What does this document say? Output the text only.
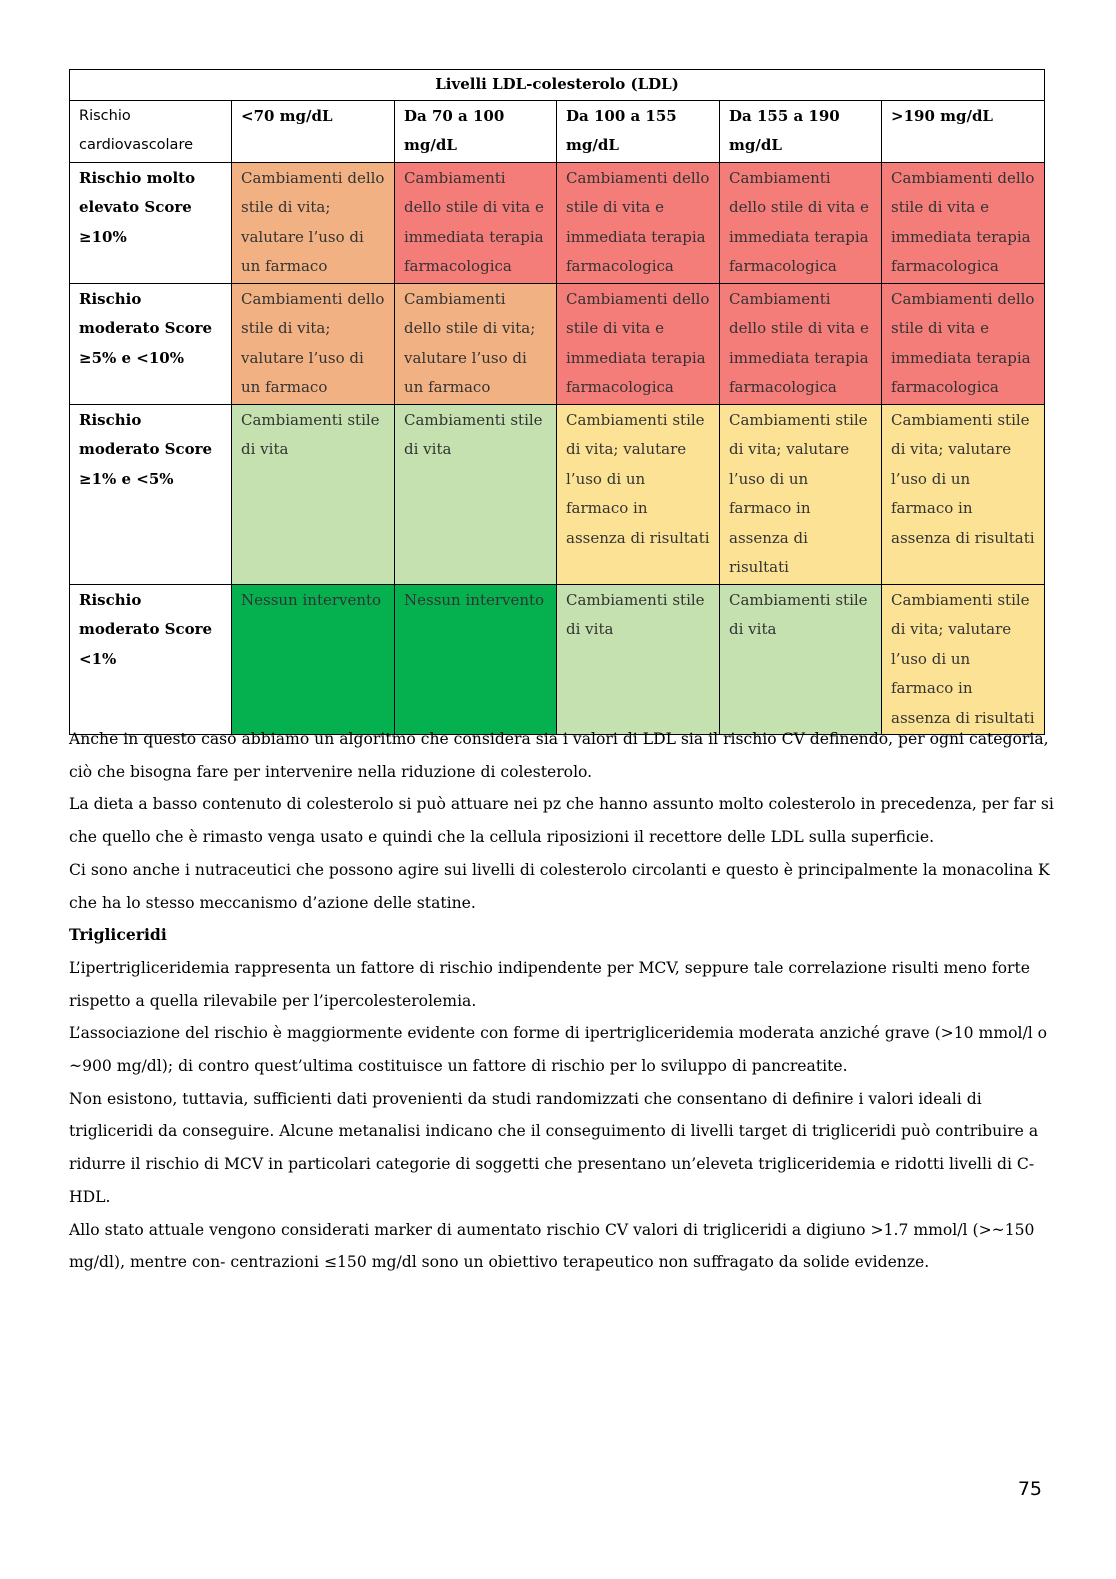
Livelli LDL-colesterolo (LDL)					
Rischio cardiovascolare	<70 mg/dL	Da 70 a 100 mg/dL	Da 100 a 155 mg/dL	Da 155 a 190 mg/dL	>190 mg/dL
Rischio molto elevato Score ≥10%	Cambiamenti dello stile di vita; valutare l’uso di un farmaco	Cambiamenti dello stile di vita e immediata terapia farmacologica	Cambiamenti dello stile di vita e immediata terapia farmacologica	Cambiamenti dello stile di vita e immediata terapia farmacologica	Cambiamenti dello stile di vita e immediata terapia farmacologica
Rischio moderato Score ≥5% e <10%	Cambiamenti dello stile di vita; valutare l’uso di un farmaco	Cambiamenti dello stile di vita; valutare l’uso di un farmaco	Cambiamenti dello stile di vita e immediata terapia farmacologica	Cambiamenti dello stile di vita e immediata terapia farmacologica	Cambiamenti dello stile di vita e immediata terapia farmacologica
Rischio moderato Score ≥1% e <5%	Cambiamenti stile di vita	Cambiamenti stile di vita	Cambiamenti stile di vita; valutare l’uso di un farmaco in assenza di risultati	Cambiamenti stile di vita; valutare l’uso di un farmaco in assenza di risultati	Cambiamenti stile di vita; valutare l’uso di un farmaco in assenza di risultati
Rischio moderato Score <1%	Nessun intervento	Nessun intervento	Cambiamenti stile di vita	Cambiamenti stile di vita	Cambiamenti stile di vita; valutare l’uso di un farmaco in assenza di risultati

Anche in questo caso abbiamo un algoritmo che considera sia i valori di LDL sia il rischio CV definendo, per ogni categoria, ciò che bisogna fare per intervenire nella riduzione di colesterolo.

La dieta a basso contenuto di colesterolo si può attuare nei pz che hanno assunto molto colesterolo in precedenza, per far si che quello che è rimasto venga usato e quindi che la cellula riposizioni il recettore delle LDL sulla superficie.

Ci sono anche i nutraceutici che possono agire sui livelli di colesterolo circolanti e questo è principalmente la monacolina K che ha lo stesso meccanismo d’azione delle statine.

Trigliceridi

L’ipertrigliceridemia rappresenta un fattore di rischio indipendente per MCV, seppure tale correlazione risulti meno forte rispetto a quella rilevabile per l’ipercolesterolemia.

L’associazione del rischio è maggiormente evidente con forme di ipertrigliceridemia moderata anziché grave (>10 mmol/l o ~900 mg/dl); di contro quest’ultima costituisce un fattore di rischio per lo sviluppo di pancreatite.

Non esistono, tuttavia, sufficienti dati provenienti da studi randomizzati che consentano di definire i valori ideali di trigliceridi da conseguire. Alcune metanalisi indicano che il conseguimento di livelli target di trigliceridi può contribuire a ridurre il rischio di MCV in particolari categorie di soggetti che presentano un’eleveta trigliceridemia e ridotti livelli di C-HDL.

Allo stato attuale vengono considerati marker di aumentato rischio CV valori di trigliceridi a digiuno >1.7 mmol/l (>~150 mg/dl), mentre con- centrazioni ≤150 mg/dl sono un obiettivo terapeutico non suffragato da solide evidenze.

75
